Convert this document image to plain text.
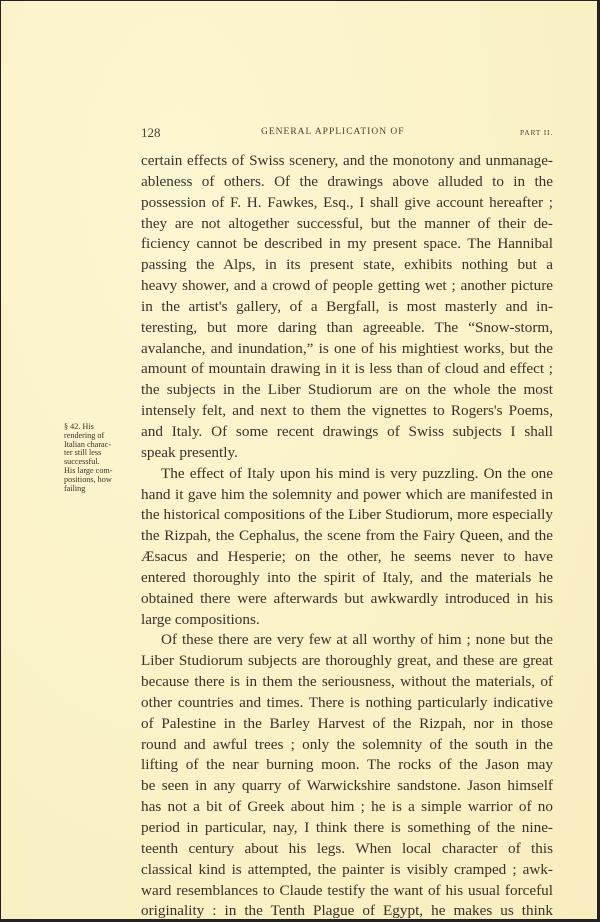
128	GENERAL APPLICATION OF	PART II.
§ 42. His
rendering of
Italian charac-
ter still less
successful.
His large com-
positions, how
failing
certain effects of Swiss scenery, and the monotony and unmanage-
ableness of others. Of the drawings above alluded to in the
possession of F. H. Fawkes, Esq., I shall give account hereafter ;
they are not altogether successful, but the manner of their de-
ficiency cannot be described in my present space. The Hannibal
passing the Alps, in its present state, exhibits nothing but a
heavy shower, and a crowd of people getting wet ; another picture
in the artist's gallery, of a Bergfall, is most masterly and in-
teresting, but more daring than agreeable. The “Snow-storm,
avalanche, and inundation,” is one of his mightiest works, but the
amount of mountain drawing in it is less than of cloud and effect ;
the subjects in the Liber Studiorum are on the whole the most
intensely felt, and next to them the vignettes to Rogers's Poems,
and Italy. Of some recent drawings of Swiss subjects I shall
speak presently.
The effect of Italy upon his mind is very puzzling. On the one
hand it gave him the solemnity and power which are manifested in
the historical compositions of the Liber Studiorum, more especially
the Rizpah, the Cephalus, the scene from the Fairy Queen, and the
Æsacus and Hesperie; on the other, he seems never to have
entered thoroughly into the spirit of Italy, and the materials he
obtained there were afterwards but awkwardly introduced in his
large compositions.
Of these there are very few at all worthy of him ; none but the
Liber Studiorum subjects are thoroughly great, and these are great
because there is in them the seriousness, without the materials, of
other countries and times. There is nothing particularly indicative
of Palestine in the Barley Harvest of the Rizpah, nor in those
round and awful trees ; only the solemnity of the south in the
lifting of the near burning moon. The rocks of the Jason may
be seen in any quarry of Warwickshire sandstone. Jason himself
has not a bit of Greek about him ; he is a simple warrior of no
period in particular, nay, I think there is something of the nine-
teenth century about his legs. When local character of this
classical kind is attempted, the painter is visibly cramped ; awk-
ward resemblances to Claude testify the want of his usual forceful
originality : in the Tenth Plague of Egypt, he makes us think
